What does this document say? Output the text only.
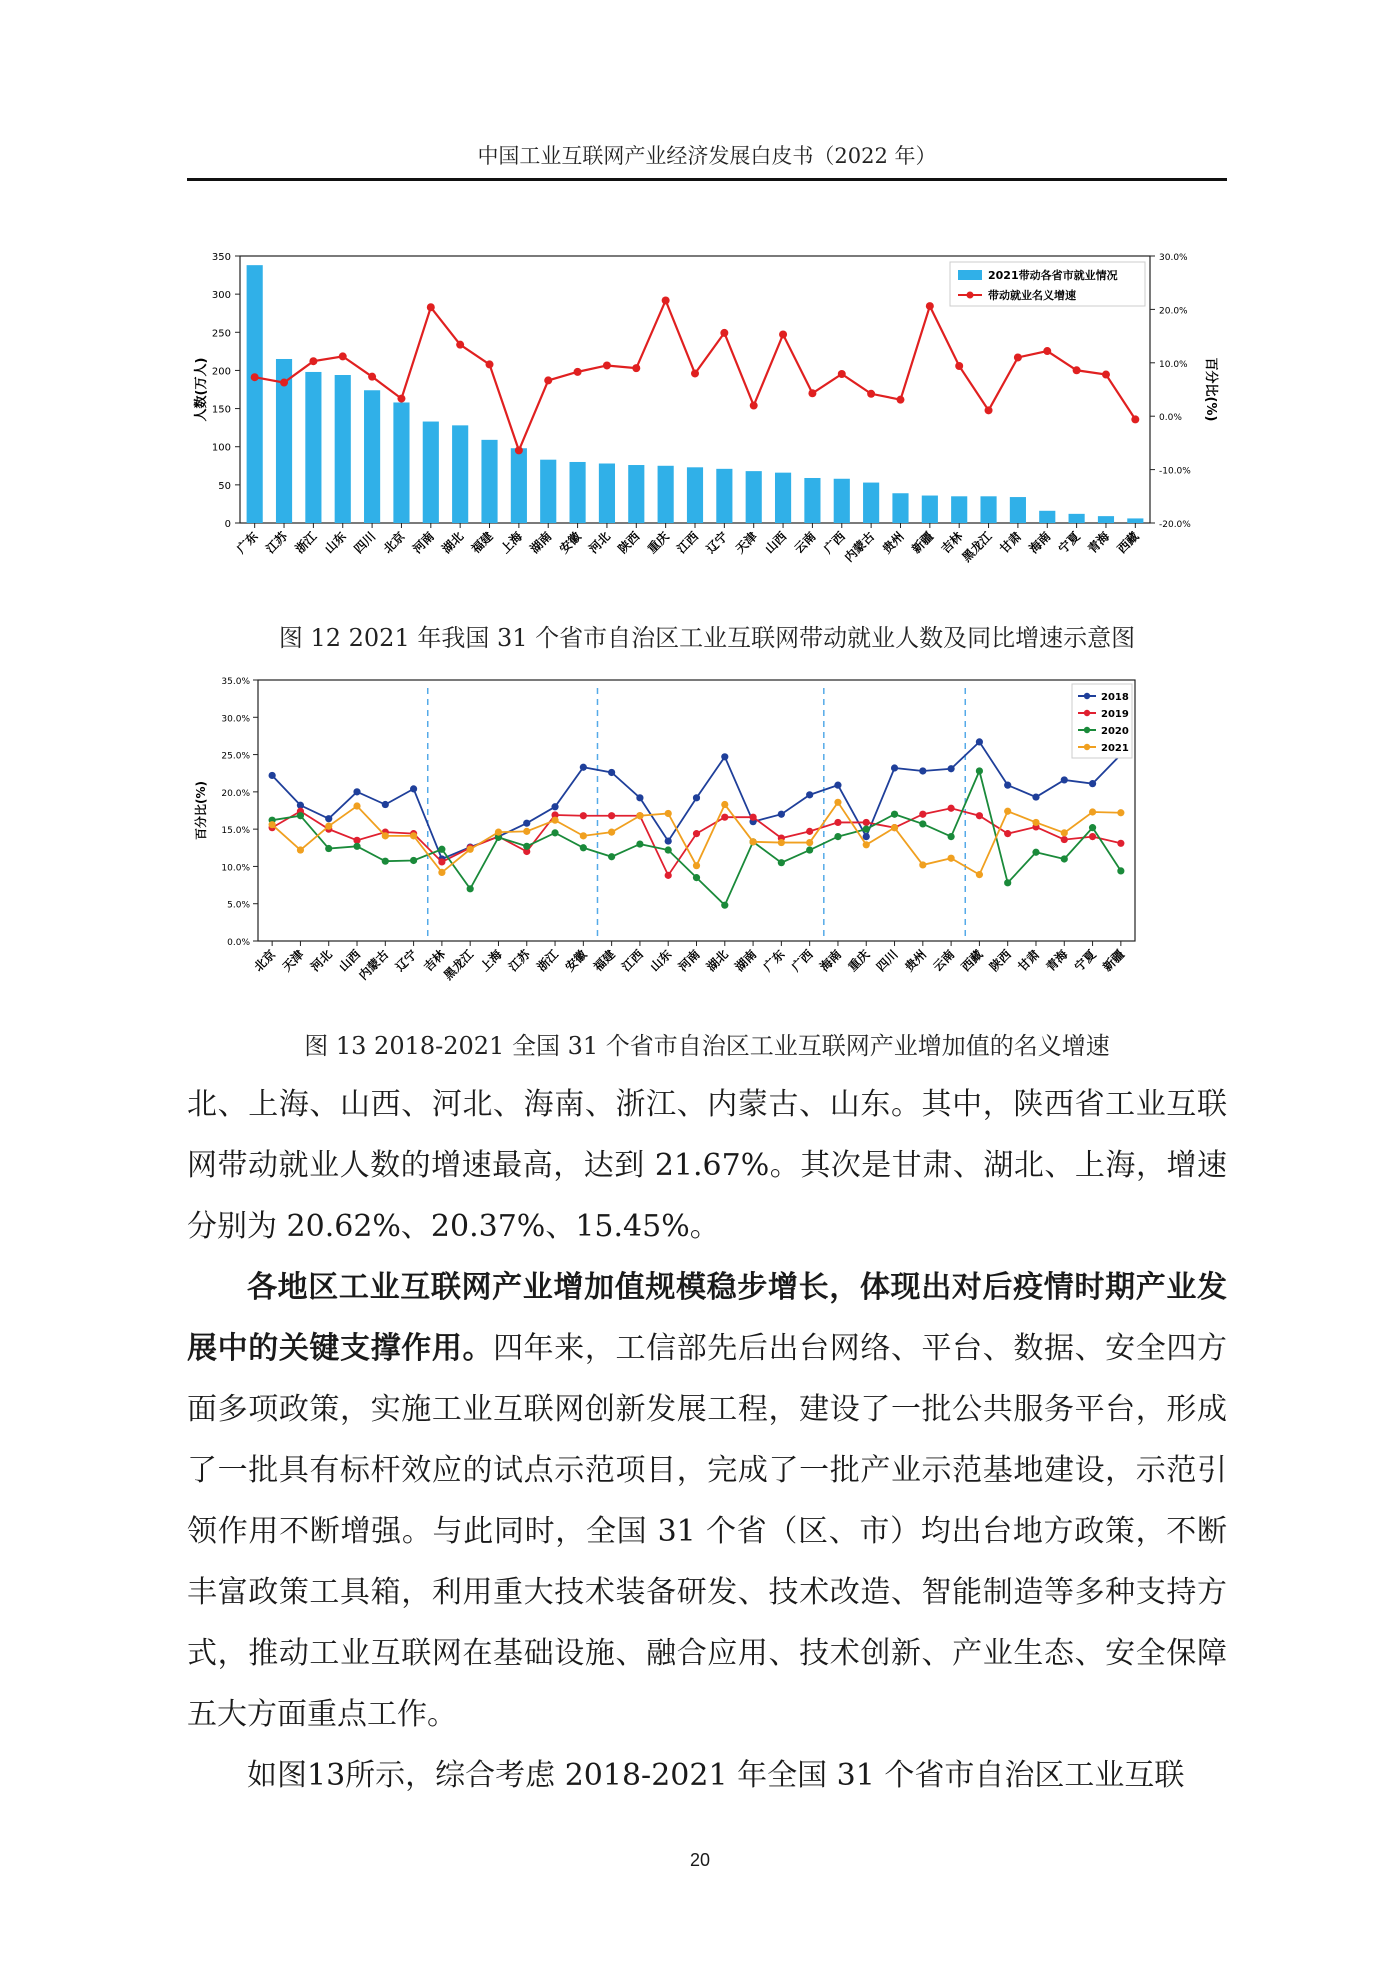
中国工业互联网产业经济发展白皮书（2022 年）
0
50
100
150
200
250
300
350
-20.0%
-10.0%
0.0%
10.0%
20.0%
30.0%
人数(万人)	百分比(%)
广东 江苏 浙江 山东 四川 北京 河南 湖北 福建 上海 湖南 安徽 河北 陕西 重庆 江西 辽宁 天津 山西 云南 广西
内蒙古 贵州 新疆 吉林
黑龙江 甘肃 海南 宁夏 青海 西藏
2021带动各省市就业情况
带动就业名义增速
图 12 2021 年我国 31 个省市自治区工业互联网带动就业人数及同比增速示意图
0.0%
5.0%
10.0%
15.0%
20.0%
25.0%
30.0%
35.0%
百分比(%)
北京 天津 河北 山西
内蒙古 辽宁 吉林
黑龙江 上海 江苏 浙江 安徽 福建 江西 山东 河南 湖北 湖南 广东 广西 海南 重庆 四川 贵州 云南 西藏 陕西 甘肃 青海 宁夏 新疆
2018
2019
2020
2021
图 13 2018-2021 全国 31 个省市自治区工业互联网产业增加值的名义增速

北、上海、山西、河北、海南、浙江、内蒙古、山东。其中，陕西省工业互联网带动就业人数的增速最高，达到 21.67%。其次是甘肃、湖北、上海，增速分别为 20.62%、20.37%、15.45%。

各地区工业互联网产业增加值规模稳步增长，体现出对后疫情时期产业发展中的关键支撑作用。四年来，工信部先后出台网络、平台、数据、安全四方面多项政策，实施工业互联网创新发展工程，建设了一批公共服务平台，形成了一批具有标杆效应的试点示范项目，完成了一批产业示范基地建设，示范引领作用不断增强。与此同时，全国 31 个省（区、市）均出台地方政策，不断丰富政策工具箱，利用重大技术装备研发、技术改造、智能制造等多种支持方式，推动工业互联网在基础设施、融合应用、技术创新、产业生态、安全保障五大方面重点工作。

如图13所示，综合考虑 2018-2021 年全国 31 个省市自治区工业互联

20
